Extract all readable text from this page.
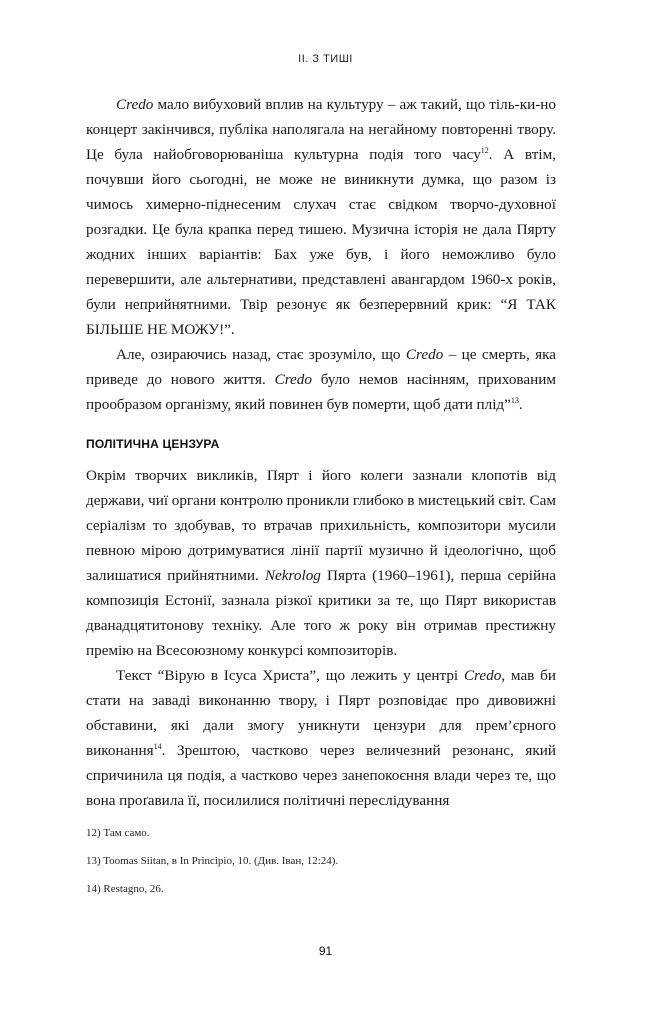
II. З ТИШІ

Credo мало вибуховий вплив на культуру – аж такий, що тіль-ки-но концерт закінчився, публіка наполягала на негайному повторенні твору. Це була найобговорюваніша культурна подія того часу$^{12}$. А втім, почувши його сьогодні, не може не виникнути думка, що разом із чимось химерно-піднесеним слухач стає свідком творчо-духовної розгадки. Це була крапка перед тишею. Музична історія не дала Пярту жодних інших варіантів: Бах уже був, і його неможливо було перевершити, але альтернативи, представлені авангардом 1960-х років, були неприйнятними. Твір резонує як безперервний крик: “Я ТАК БІЛЬШЕ НЕ МОЖУ!”.

Але, озираючись назад, стає зрозуміло, що Credo – це смерть, яка приведе до нового життя. Credo було немов насінням, прихованим прообразом організму, який повинен був померти, щоб дати плід”$^{13}$.

ПОЛІТИЧНА ЦЕНЗУРА

Окрім творчих викликів, Пярт і його колеги зазнали клопотів від держави, чиї органи контролю проникли глибоко в мистецький світ. Сам серіалізм то здобував, то втрачав прихильність, композитори мусили певною мірою дотримуватися лінії партії музично й ідеологічно, щоб залишатися прийнятними. Nekrolog Пярта (1960–1961), перша серійна композиція Естонії, зазнала різкої критики за те, що Пярт використав дванадцятитонову техніку. Але того ж року він отримав престижну премію на Всесоюзному конкурсі композиторів.

Текст “Вірую в Ісуса Христа”, що лежить у центрі Credo, мав би стати на заваді виконанню твору, і Пярт розповідає про дивовижні обставини, які дали змогу уникнути цензури для прем’єрного виконання$^{14}$. Зрештою, частково через величезний резонанс, який спричинила ця подія, а частково через занепокоєння влади через те, що вона проґавила її, посилилися політичні переслідування

12) Там само.
13) Toomas Siitan, в In Principio, 10. (Див. Іван, 12:24).
14) Restagno, 26.
91
